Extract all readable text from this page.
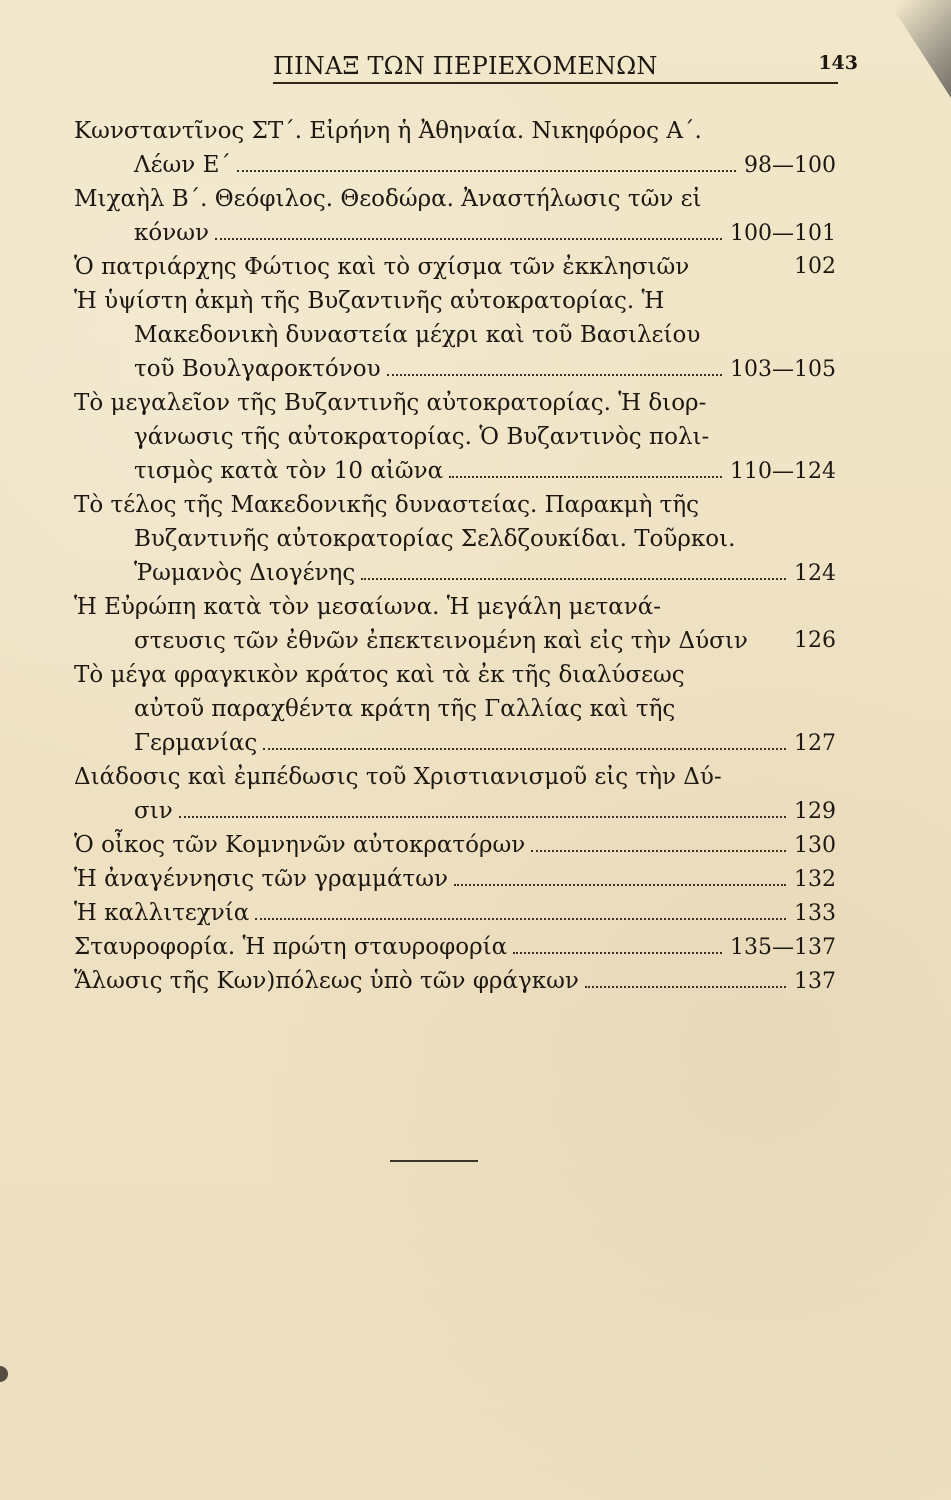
ΠΙΝΑΞ ΤΩΝ ΠΕΡΙΕΧΟΜΕΝΩΝ	143
Κωνσταντῖνος ΣΤ΄. Εἰρήνη ἡ Ἀθηναία. Νικηφόρος Α΄.
Λέων Ε΄	98—100
Μιχαὴλ Β΄. Θεόφιλος. Θεοδώρα. Ἀναστήλωσις τῶν εἰ
κόνων	100—101
Ὁ πατριάρχης Φώτιος καὶ τὸ σχίσμα τῶν ἐκκλησιῶν	102
Ἡ ὑψίστη ἀκμὴ τῆς Βυζαντινῆς αὐτοκρατορίας. Ἡ
Μακεδονικὴ δυναστεία μέχρι καὶ τοῦ Βασιλείου
τοῦ Βουλγαροκτόνου	103—105
Τὸ μεγαλεῖον τῆς Βυζαντινῆς αὐτοκρατορίας. Ἡ διορ-
γάνωσις τῆς αὐτοκρατορίας. Ὁ Βυζαντινὸς πολι-
τισμὸς κατὰ τὸν 10 αἰῶνα	110—124
Τὸ τέλος τῆς Μακεδονικῆς δυναστείας. Παρακμὴ τῆς
Βυζαντινῆς αὐτοκρατορίας Σελδζουκίδαι. Τοῦρκοι.
Ῥωμανὸς Διογένης	124
Ἡ Εὐρώπη κατὰ τὸν μεσαίωνα. Ἡ μεγάλη μετανά-
στευσις τῶν ἐθνῶν ἐπεκτεινομένη καὶ εἰς τὴν Δύσιν 126
Τὸ μέγα φραγκικὸν κράτος καὶ τὰ ἐκ τῆς διαλύσεως
αὐτοῦ παραχθέντα κράτη τῆς Γαλλίας καὶ τῆς
Γερμανίας	127
Διάδοσις καὶ ἐμπέδωσις τοῦ Χριστιανισμοῦ εἰς τὴν Δύ-
σιν	129
Ὁ οἶκος τῶν Κομνηνῶν αὐτοκρατόρων	130
Ἡ ἀναγέννησις τῶν γραμμάτων	132
Ἡ καλλιτεχνία	133
Σταυροφορία. Ἡ πρώτη σταυροφορία	135—137
Ἅλωσις τῆς Κων)πόλεως ὑπὸ τῶν φράγκων	137
